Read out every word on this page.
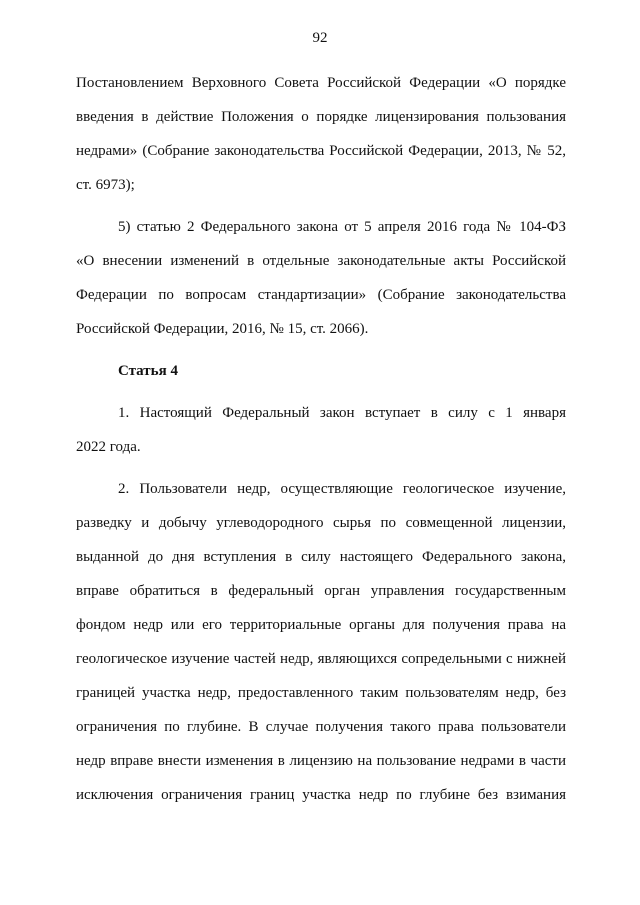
92
Постановлением Верховного Совета Российской Федерации «О порядке
введения в действие Положения о порядке лицензирования пользования
недрами» (Собрание законодательства Российской Федерации, 2013, № 52,
ст. 6973);
5) статью 2 Федерального закона от 5 апреля 2016 года № 104-ФЗ
«О внесении изменений в отдельные законодательные акты Российской
Федерации по вопросам стандартизации» (Собрание законодательства
Российской Федерации, 2016, № 15, ст. 2066).
Статья 4
1. Настоящий Федеральный закон вступает в силу с 1 января
2022 года.
2. Пользователи недр, осуществляющие геологическое изучение,
разведку и добычу углеводородного сырья по совмещенной лицензии,
выданной до дня вступления в силу настоящего Федерального закона,
вправе обратиться в федеральный орган управления государственным
фондом недр или его территориальные органы для получения права на
геологическое изучение частей недр, являющихся сопредельными с нижней
границей участка недр, предоставленного таким пользователям недр, без
ограничения по глубине. В случае получения такого права пользователи
недр вправе внести изменения в лицензию на пользование недрами в части
исключения ограничения границ участка недр по глубине без взимания
